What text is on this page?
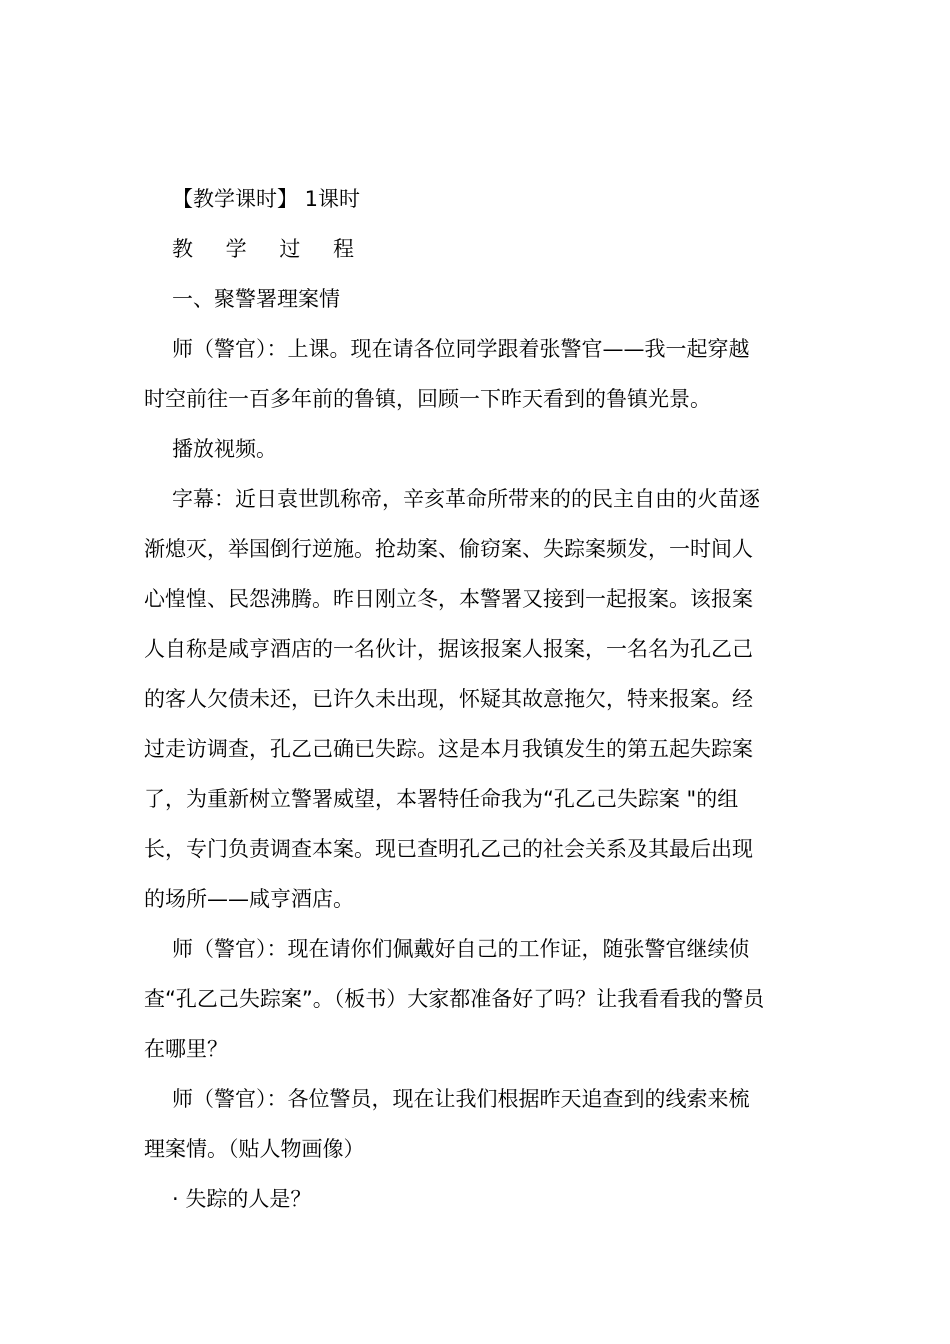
【教学课时】 1课时
教 学 过 程
一、聚警署理案情
师（警官）：上课。现在请各位同学跟着张警官——我一起穿越
时空前往一百多年前的鲁镇，回顾一下昨天看到的鲁镇光景。
播放视频。
字幕：近日袁世凯称帝，辛亥革命所带来的的民主自由的火苗逐
渐熄灭，举国倒行逆施。抢劫案、偷窃案、失踪案频发，一时间人
心惶惶、民怨沸腾。昨日刚立冬，本警署又接到一起报案。该报案
人自称是咸亨酒店的一名伙计，据该报案人报案，一名名为孔乙己
的客人欠债未还，已许久未出现，怀疑其故意拖欠，特来报案。经
过走访调查，孔乙己确已失踪。这是本月我镇发生的第五起失踪案
了，为重新树立警署威望，本署特任命我为“孔乙己失踪案 "的组
长，专门负责调查本案。现已查明孔乙己的社会关系及其最后出现
的场所——咸亨酒店。
师（警官）：现在请你们佩戴好自己的工作证，随张警官继续侦
查“孔乙己失踪案”。（板书）大家都准备好了吗？让我看看我的警员
在哪里？
师（警官）：各位警员，现在让我们根据昨天追查到的线索来梳
理案情。（贴人物画像）
· 失踪的人是？
